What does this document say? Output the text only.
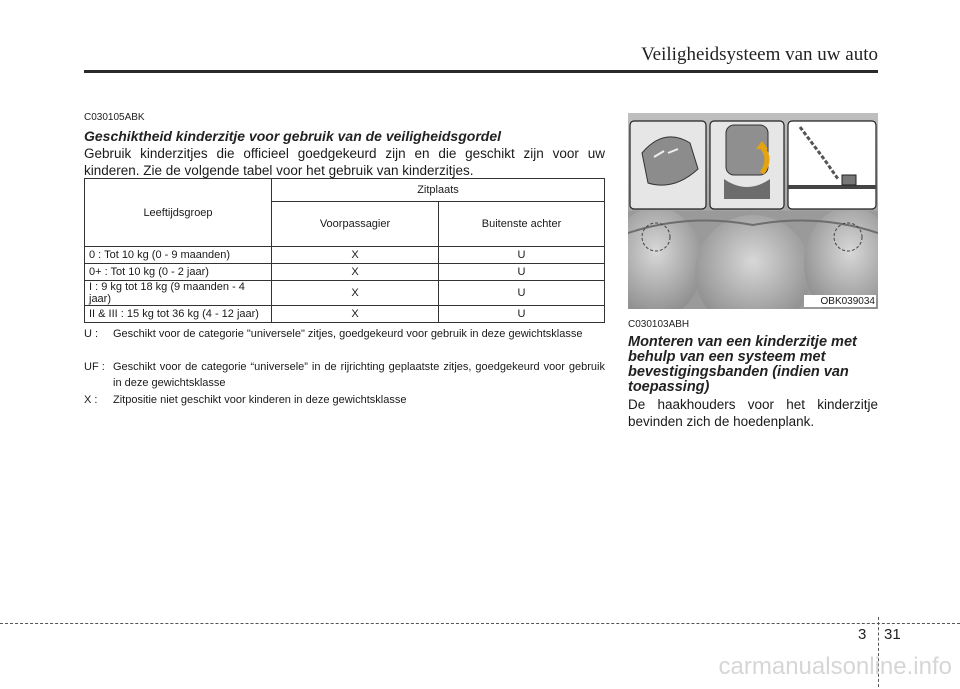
Veiligheidsysteem van uw auto
C030105ABK
Geschiktheid kinderzitje voor gebruik van de veiligheidsgordel
Gebruik kinderzitjes die officieel goedgekeurd zijn en die geschikt zijn voor uw kinderen. Zie de volgende tabel voor het gebruik van kinderzitjes.
Leeftijdsgroep	Zitplaats	
	Voorpassagier	Buitenste achter
0 : Tot 10 kg (0 - 9 maanden)	X	U
0+ : Tot 10 kg (0 - 2 jaar)	X	U
I : 9 kg tot 18 kg (9 maanden - 4 jaar)	X	U
II & III : 15 kg tot 36 kg (4 - 12 jaar)	X	U
U : Geschikt voor de categorie "universele" zitjes, goedgekeurd voor gebruik in deze gewichtsklasse
UF : Geschikt voor de categorie “universele” in de rijrichting geplaatste zitjes, goedgekeurd voor gebruik in deze gewichtsklasse
X : Zitpositie niet geschikt voor kinderen in deze gewichtsklasse
OBK039034
C030103ABH
Monteren van een kinderzitje met behulp van een systeem met bevestigingsbanden (indien van toepassing)
De haakhouders voor het kinderzitje bevinden zich de hoedenplank.
3 31
carmanualsonline.info
